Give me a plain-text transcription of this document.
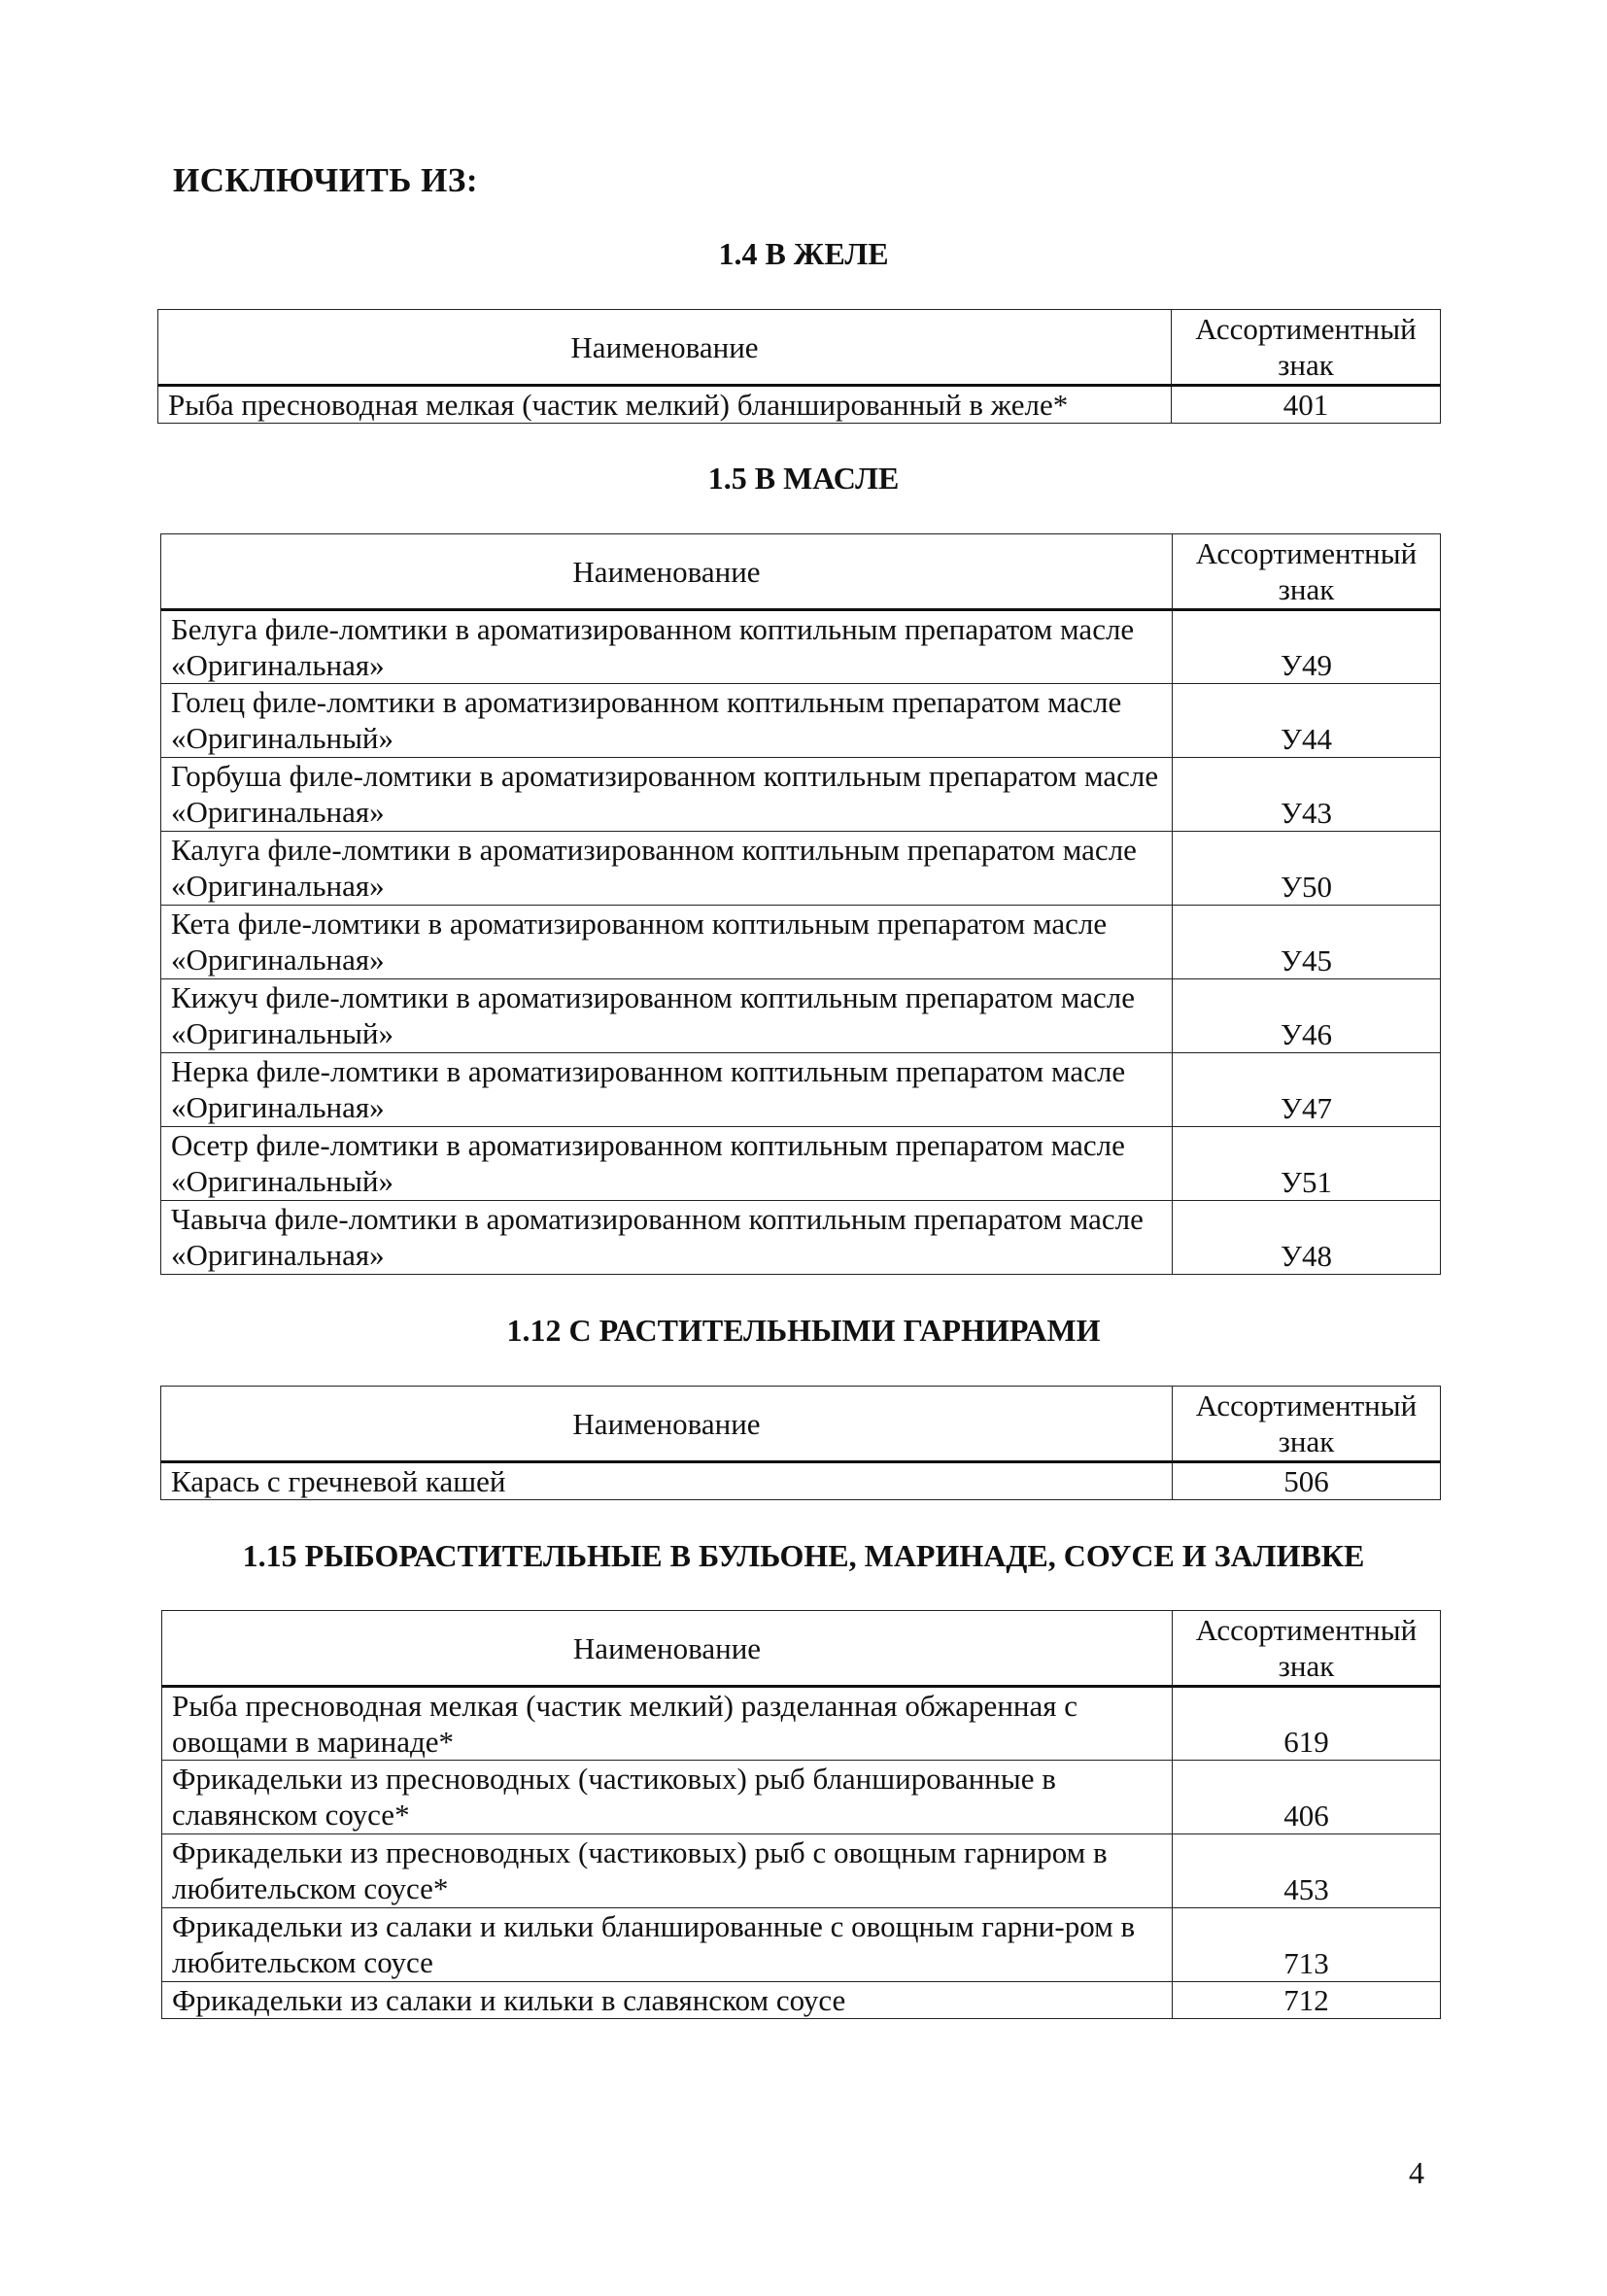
ИСКЛЮЧИТЬ ИЗ:
1.4 В ЖЕЛЕ
Наименование	Ассортиментный знак
Рыба пресноводная мелкая (частик мелкий) бланшированный в желе*	401
1.5 В МАСЛЕ
Наименование	Ассортиментный знак
Белуга филе-ломтики в ароматизированном коптильным препаратом масле «Оригинальная»	У49
Голец филе-ломтики в ароматизированном коптильным препаратом масле «Оригинальный»	У44
Горбуша филе-ломтики в ароматизированном коптильным препаратом масле «Оригинальная»	У43
Калуга филе-ломтики в ароматизированном коптильным препаратом масле «Оригинальная»	У50
Кета филе-ломтики в ароматизированном коптильным препаратом масле «Оригинальная»	У45
Кижуч филе-ломтики в ароматизированном коптильным препаратом масле «Оригинальный»	У46
Нерка филе-ломтики в ароматизированном коптильным препаратом масле «Оригинальная»	У47
Осетр филе-ломтики в ароматизированном коптильным препаратом масле «Оригинальный»	У51
Чавыча филе-ломтики в ароматизированном коптильным препаратом масле «Оригинальная»	У48
1.12 С РАСТИТЕЛЬНЫМИ ГАРНИРАМИ
Наименование	Ассортиментный знак
Карась с гречневой кашей	506
1.15 РЫБОРАСТИТЕЛЬНЫЕ В БУЛЬОНЕ, МАРИНАДЕ, СОУСЕ И ЗАЛИВКЕ
Наименование	Ассортиментный знак
Рыба пресноводная мелкая (частик мелкий) разделанная обжаренная с овощами в маринаде*	619
Фрикадельки из пресноводных (частиковых) рыб бланшированные в славянском соусе*	406
Фрикадельки из пресноводных (частиковых) рыб с овощным гарниром в любительском соусе*	453
Фрикадельки из салаки и кильки бланшированные с овощным гарни-ром в любительском соусе	713
Фрикадельки из салаки и кильки в славянском соусе	712

4
